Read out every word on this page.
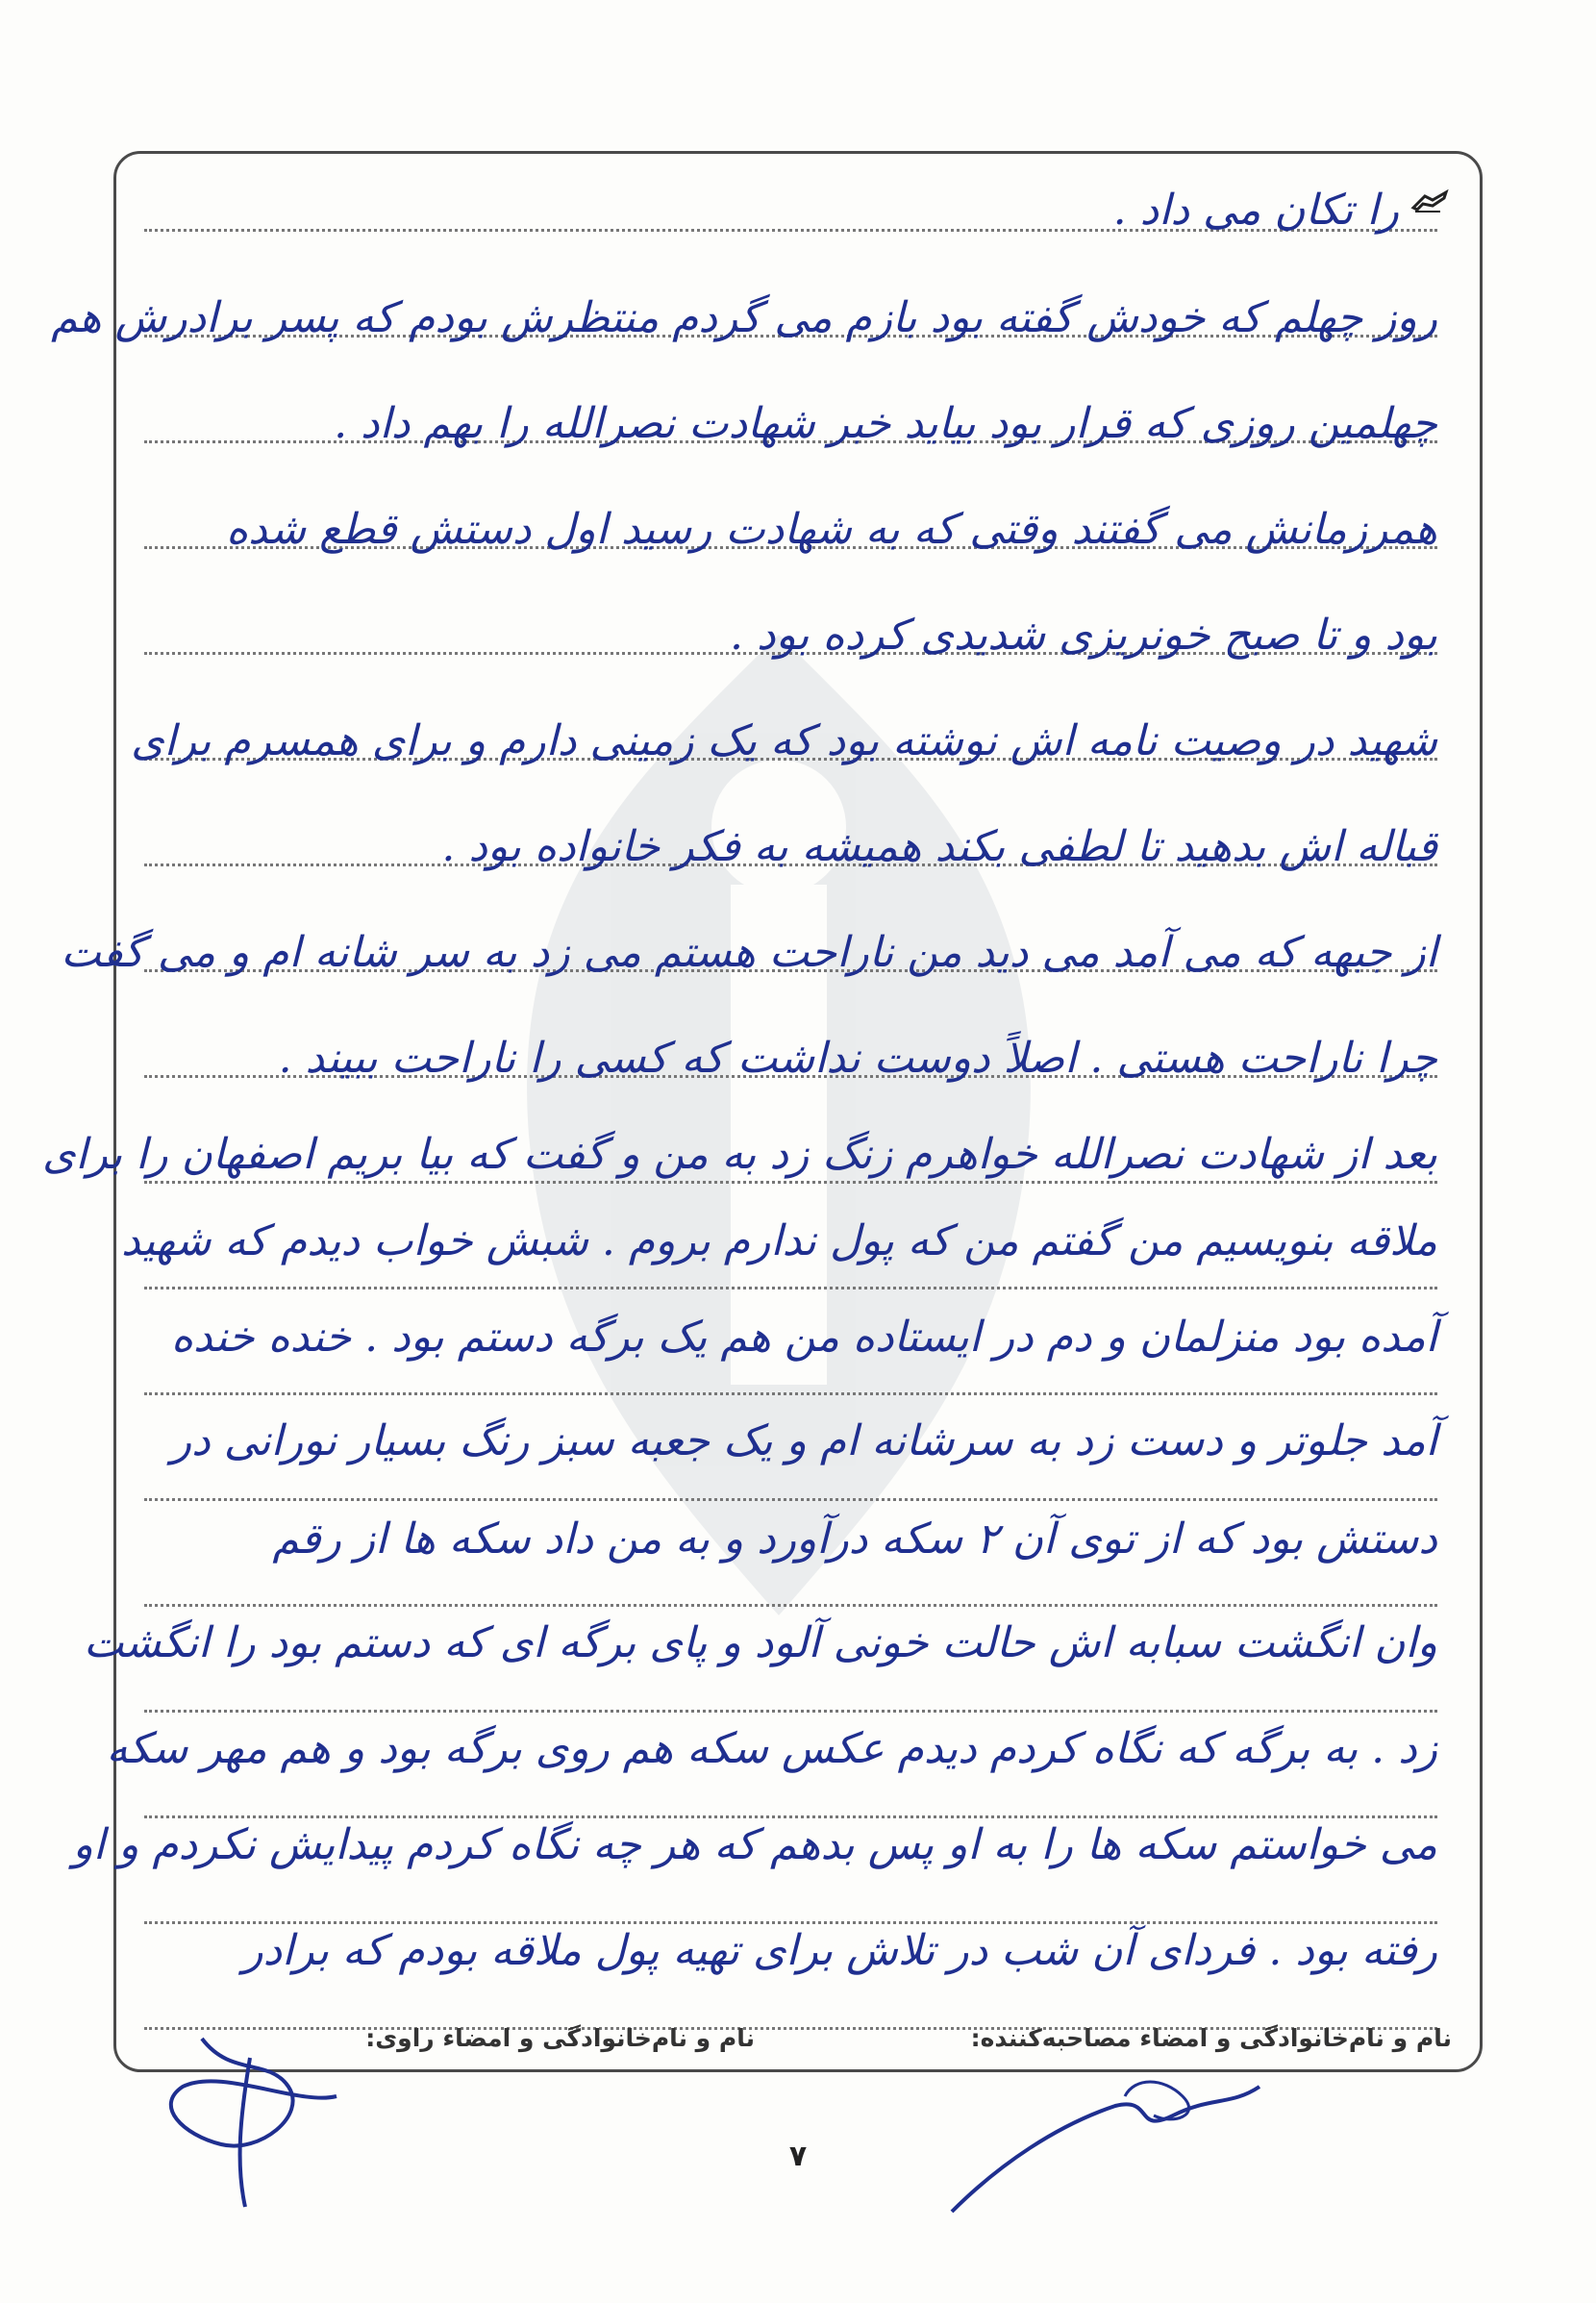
را تکان می داد .
روز چهلم که خودش گفته بود بازم می گردم منتظرش بودم که پسر برادرش هم
چهلمین روزی که قرار بود بیاید خبر شهادت نصرالله را بهم داد .
همرزمانش می گفتند وقتی که به شهادت رسید اول دستش قطع شده
بود و تا صبح خونریزی شدیدی کرده بود .
شهید در وصیت نامه اش نوشته بود که یک زمینی دارم و برای همسرم برای
قباله اش بدهید تا لطفی بکند همیشه به فکر خانواده بود .
از جبهه که می آمد می دید من ناراحت هستم می زد به سر شانه ام و می گفت
چرا ناراحت هستی . اصلاً دوست نداشت که کسی را ناراحت ببیند .
بعد از شهادت نصرالله خواهرم زنگ زد به من و گفت که بیا بریم اصفهان را برای
ملاقه بنویسیم من گفتم من که پول ندارم بروم . شبش خواب دیدم که شهید
آمده بود منزلمان و دم در ایستاده من هم یک برگه دستم بود . خنده خنده
آمد جلوتر و دست زد به سرشانه ام و یک جعبه سبز رنگ بسیار نورانی در
دستش بود که از توی آن ۲ سکه درآورد و به من داد سکه ها از رقم
وان انگشت سبابه اش حالت خونی آلود و پای برگه ای که دستم بود را انگشت
زد . به برگه که نگاه کردم دیدم عکس سکه هم روی برگه بود و هم مهر سکه
می خواستم سکه ها را به او پس بدهم که هر چه نگاه کردم پیدایش نکردم و او
رفته بود . فردای آن شب در تلاش برای تهیه پول ملاقه بودم که برادر
نام و نام‌خانوادگی و امضاء مصاحبه‌کننده:
نام و نام‌خانوادگی و امضاء راوی:
۷
